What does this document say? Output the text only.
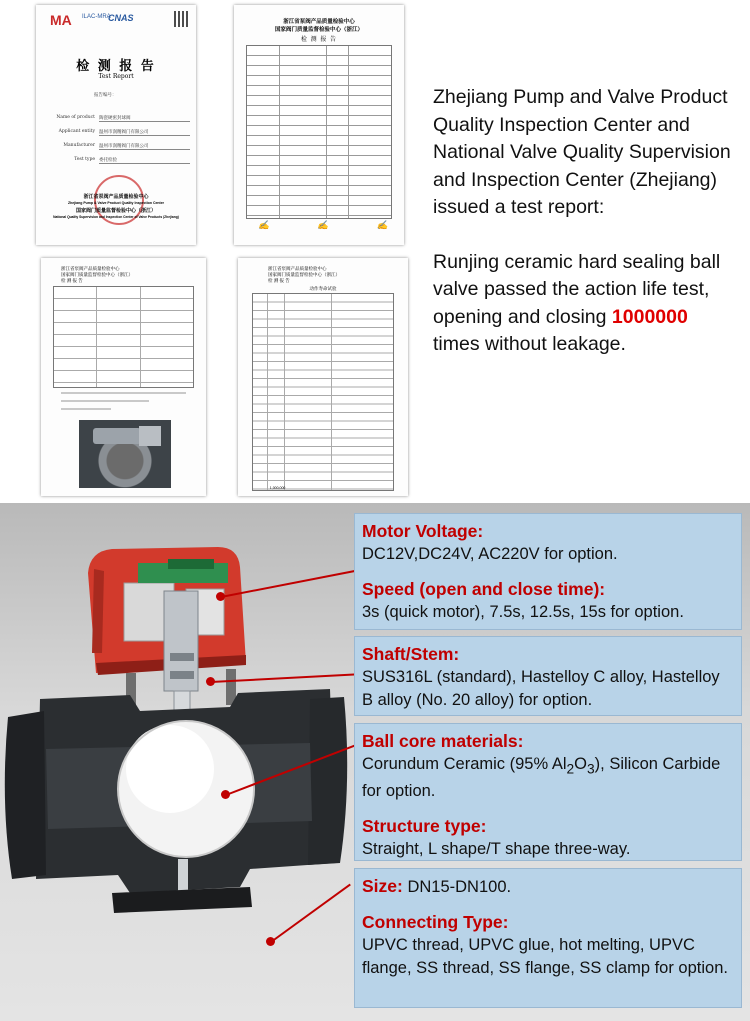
MA ILAC-MRA
CNAS
检 测 报 告
Test Report
报告编号：
Name of product 陶瓷硬密封球阀
Applicant entity 温州市润精阀门有限公司
Manufacturer 温州市润精阀门有限公司
Test type 委托检验
浙江省泵阀产品质量检验中心
Zhejiang Pump & Valve Product Quality Inspection Center
国家阀门质量监督检验中心（浙江）
National Quality Supervision and Inspection Center of Valve Products (Zhejiang)
浙江省泵阀产品质量检验中心
国家阀门质量监督检验中心（浙江）
检 测 报 告
✍	✍	✍
浙江省泵阀产品质量检验中心
国家阀门质量监督检验中心（浙江）
检 测 报 告
浙江省泵阀产品质量检验中心
国家阀门质量监督检验中心（浙江）
检 测 报 告
动作寿命试验
1,000,000

Zhejiang Pump and Valve Product Quality Inspection Center and National Valve Quality Supervision and Inspection Center (Zhejiang) issued a test report:

Runjing ceramic hard sealing ball valve passed the action life test, opening and closing 1000000 times without leakage.

Motor Voltage:

DC12V,DC24V, AC220V for option.

Speed (open and close time):

3s (quick motor), 7.5s, 12.5s, 15s for option.

Shaft/Stem:

SUS316L (standard), Hastelloy C alloy, Hastelloy B alloy (No. 20 alloy) for option.

Ball core materials:

Corundum Ceramic (95% $Al_2O_3$), Silicon Carbide for option.

Structure type:

Straight, L shape/T shape three-way.

Size: DN15-DN100.

Connecting Type:

UPVC thread, UPVC glue, hot melting, UPVC flange, SS thread, SS flange, SS clamp for option.
